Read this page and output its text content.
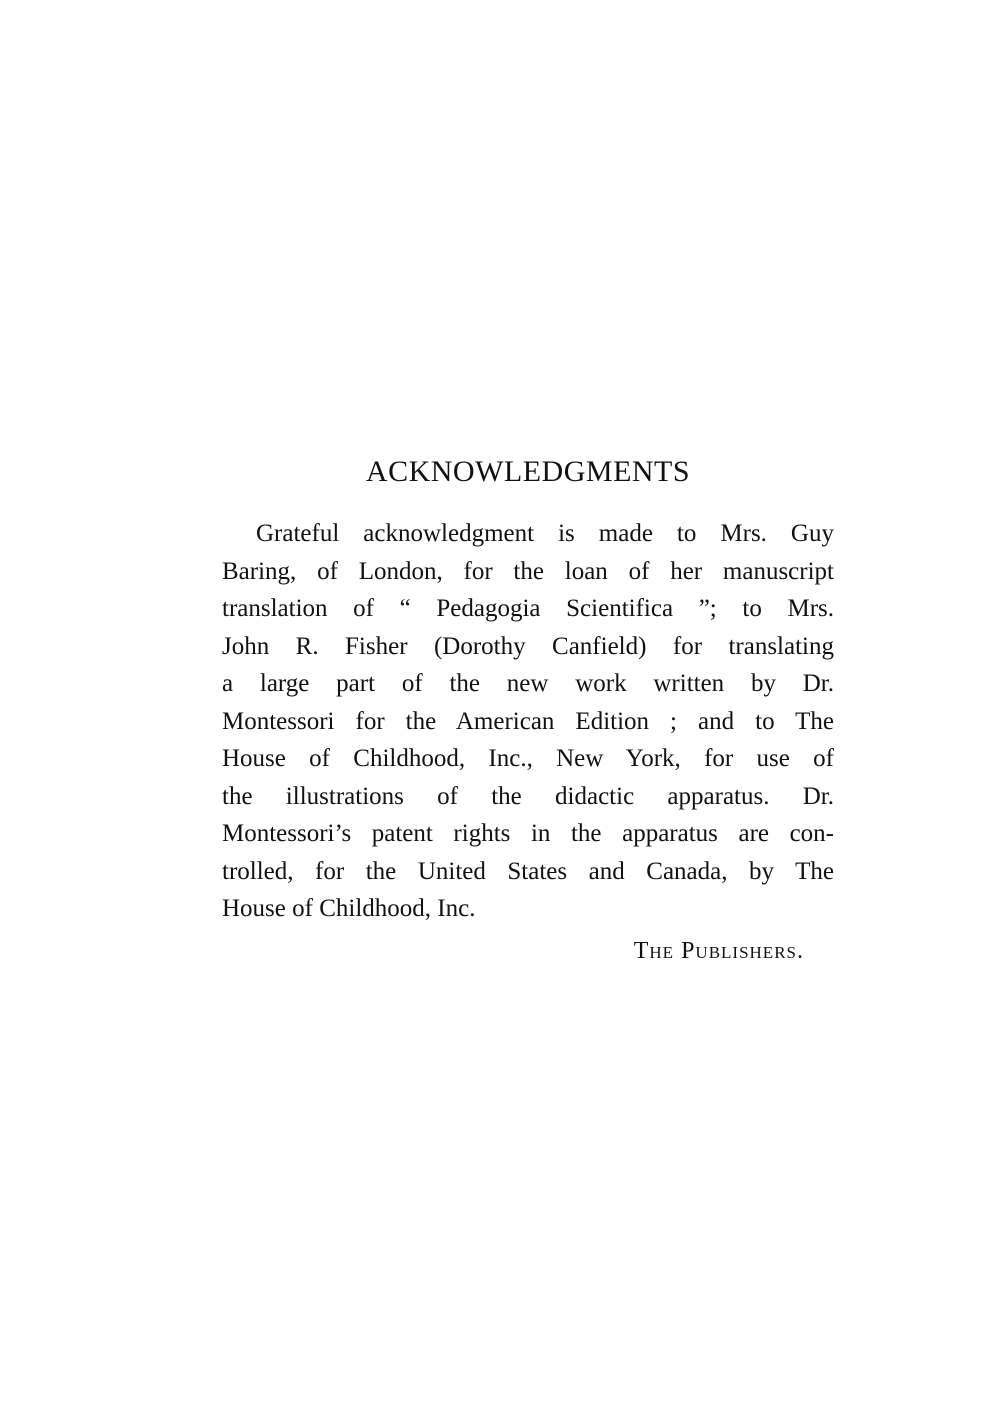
ACKNOWLEDGMENTS
Grateful acknowledgment is made to Mrs. Guy
Baring, of London, for the loan of her manuscript
translation of “ Pedagogia Scientifica ”; to Mrs.
John R. Fisher (Dorothy Canfield) for translating
a large part of the new work written by Dr.
Montessori for the American Edition ; and to The
House of Childhood, Inc., New York, for use of
the illustrations of the didactic apparatus. Dr.
Montessori’s patent rights in the apparatus are con-
trolled, for the United States and Canada, by The
House of Childhood, Inc.
The Publishers.
